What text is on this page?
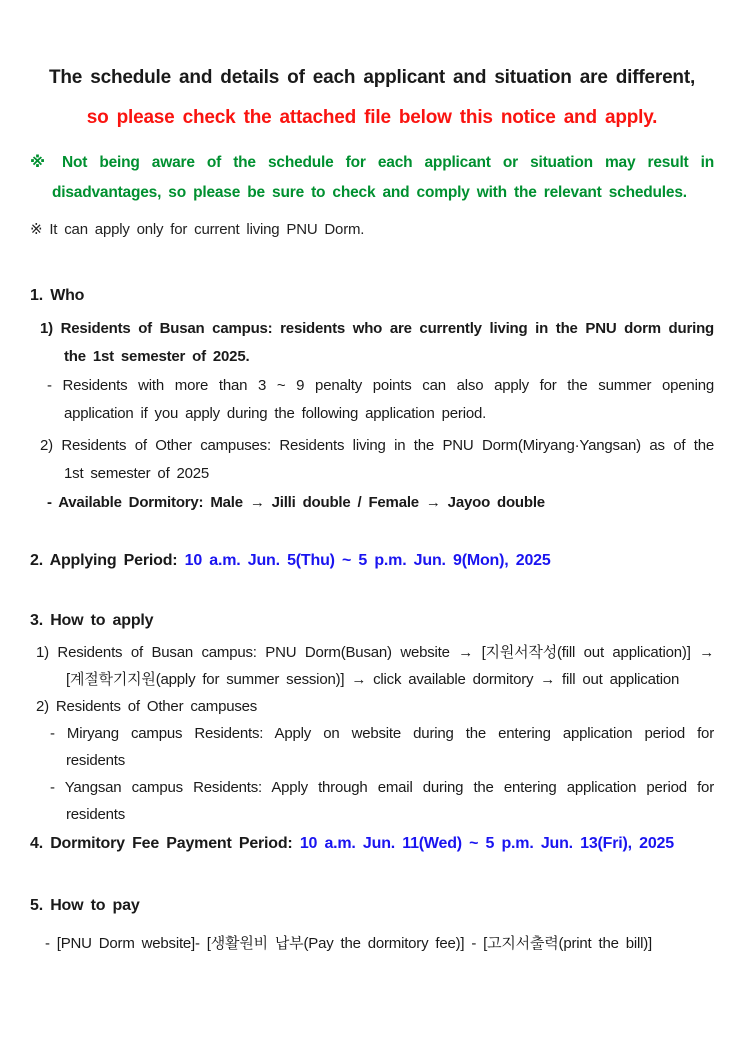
The schedule and details of each applicant and situation are different,
so please check the attached file below this notice and apply.

※ Not being aware of the schedule for each applicant or situation may result in disadvantages, so please be sure to check and comply with the relevant schedules.

※ It can apply only for current living PNU Dorm.

1. Who

1) Residents of Busan campus: residents who are currently living in the PNU dorm during the 1st semester of 2025.

- Residents with more than 3 ~ 9 penalty points can also apply for the summer opening application if you apply during the following application period.

2) Residents of Other campuses: Residents living in the PNU Dorm(Miryang·Yangsan) as of the 1st semester of 2025

- Available Dormitory: Male → Jilli double / Female → Jayoo double

2. Applying Period: 10 a.m. Jun. 5(Thu) ~ 5 p.m. Jun. 9(Mon), 2025
3. How to apply

1) Residents of Busan campus: PNU Dorm(Busan) website → [지원서작성(fill out application)] → [계절학기지원(apply for summer session)] → click available dormitory → fill out application

2) Residents of Other campuses

- Miryang campus Residents: Apply on website during the entering application period for residents

- Yangsan campus Residents: Apply through email during the entering application period for residents

4. Dormitory Fee Payment Period: 10 a.m. Jun. 11(Wed) ~ 5 p.m. Jun. 13(Fri), 2025
5. How to pay

- [PNU Dorm website]- [생활원비 납부(Pay the dormitory fee)] - [고지서출력(print the bill)]
